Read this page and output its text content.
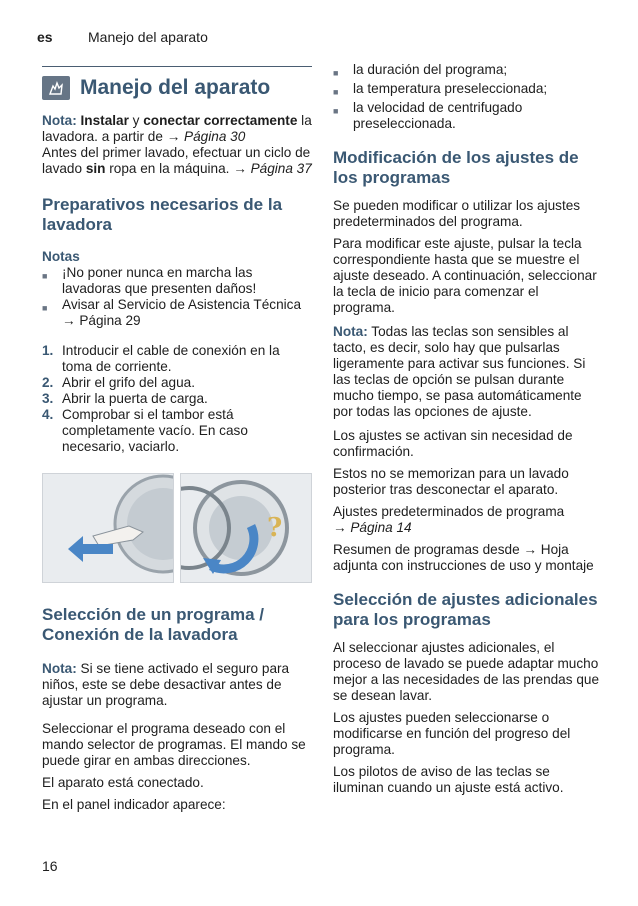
es	Manejo del aparato
Manejo del aparato

Nota: Instalar y conectar correctamente la lavadora. a partir de → Página 30
Antes del primer lavado, efectuar un ciclo de lavado sin ropa en la máquina. → Página 37

Preparativos necesarios de la lavadora

Notas

■	¡No poner nunca en marcha las lavadoras que presenten daños!
■	Avisar al Servicio de Asistencia Técnica → Página 29
1. Introducir el cable de conexión en la toma de corriente.
2. Abrir el grifo del agua.
3. Abrir la puerta de carga.
4. Comprobar si el tambor está completamente vacío. En caso necesario, vaciarlo.
?
Selección de un programa / Conexión de la lavadora

Nota: Si se tiene activado el seguro para niños, este se debe desactivar antes de ajustar un programa.

Seleccionar el programa deseado con el mando selector de programas. El mando se puede girar en ambas direcciones.

El aparato está conectado.

En el panel indicador aparece:

■	la duración del programa;
■	la temperatura preseleccionada;
■	la velocidad de centrifugado preseleccionada.
Modificación de los ajustes de los programas

Se pueden modificar o utilizar los ajustes predeterminados del programa.

Para modificar este ajuste, pulsar la tecla correspondiente hasta que se muestre el ajuste deseado. A continuación, seleccionar la tecla de inicio para comenzar el programa.

Nota: Todas las teclas son sensibles al tacto, es decir, solo hay que pulsarlas ligeramente para activar sus funciones. Si las teclas de opción se pulsan durante mucho tiempo, se pasa automáticamente por todas las opciones de ajuste.

Los ajustes se activan sin necesidad de confirmación.

Estos no se memorizan para un lavado posterior tras desconectar el aparato.

Ajustes predeterminados de programa
→ Página 14

Resumen de programas desde → Hoja adjunta con instrucciones de uso y montaje

Selección de ajustes adicionales para los programas

Al seleccionar ajustes adicionales, el proceso de lavado se puede adaptar mucho mejor a las necesidades de las prendas que se desean lavar.

Los ajustes pueden seleccionarse o modificarse en función del progreso del programa.

Los pilotos de aviso de las teclas se iluminan cuando un ajuste está activo.

16
